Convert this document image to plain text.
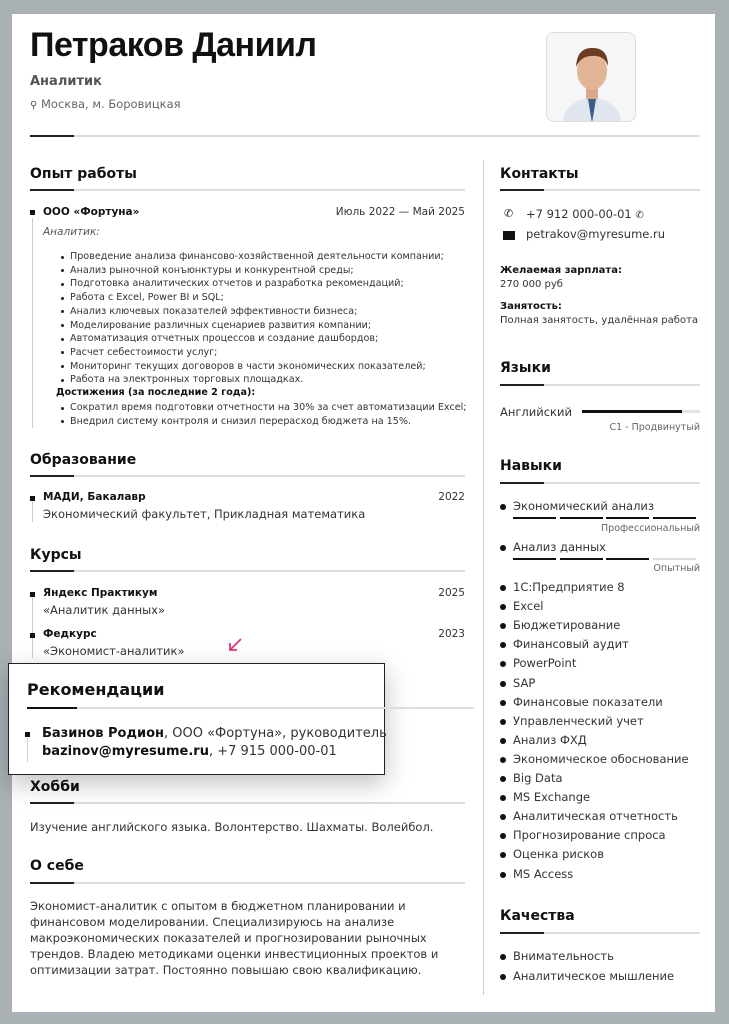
Петраков Даниил
Аналитик
⚲ Москва, м. Боровицкая
Опыт работы
ООО «Фортуна»	Июль 2022 — Май 2025
Аналитик:
Проведение анализа финансово-хозяйственной деятельности компании;
Анализ рыночной конъюнктуры и конкурентной среды;
Подготовка аналитических отчетов и разработка рекомендаций;
Работа с Excel, Power BI и SQL;
Анализ ключевых показателей эффективности бизнеса;
Моделирование различных сценариев развития компании;
Автоматизация отчетных процессов и создание дашбордов;
Расчет себестоимости услуг;
Мониторинг текущих договоров в части экономических показателей;
Работа на электронных торговых площадках.
Достижения (за последние 2 года):
Сократил время подготовки отчетности на 30% за счет автоматизации Excel;
Внедрил систему контроля и снизил перерасход бюджета на 15%.
Образование
МАДИ, Бакалавр	2022
Экономический факультет, Прикладная математика
Курсы
Яндекс Практикум	2025
«Аналитик данных»
Федкурс	2023
«Экономист-аналитик»
Рекомендации
Базинов Родион, ООО «Фортуна», руководитель
bazinov@myresume.ru, +7 915 000-00-01
Хобби
Изучение английского языка. Волонтерство. Шахматы. Волейбол.
О себе
Экономист-аналитик с опытом в бюджетном планировании и
финансовом моделировании. Специализируюсь на анализе
макроэкономических показателей и прогнозировании рыночных
трендов. Владею методиками оценки инвестиционных проектов и
оптимизации затрат. Постоянно повышаю свою квалификацию.
Контакты
✆ +7 912 000-00-01 ✆
petrakov@myresume.ru
Желаемая зарплата:
270 000 руб
Занятость:
Полная занятость, удалённая работа
Языки
Английский
C1 - Продвинутый
Навыки
Экономический анализ
Профессиональный
Анализ данных
Опытный
1С:Предприятие 8
Excel
Бюджетирование
Финансовый аудит
PowerPoint
SAP
Финансовые показатели
Управленческий учет
Анализ ФХД
Экономическое обоснование
Big Data
MS Exchange
Аналитическая отчетность
Прогнозирование спроса
Оценка рисков
MS Access
Качества
Внимательность
Аналитическое мышление
